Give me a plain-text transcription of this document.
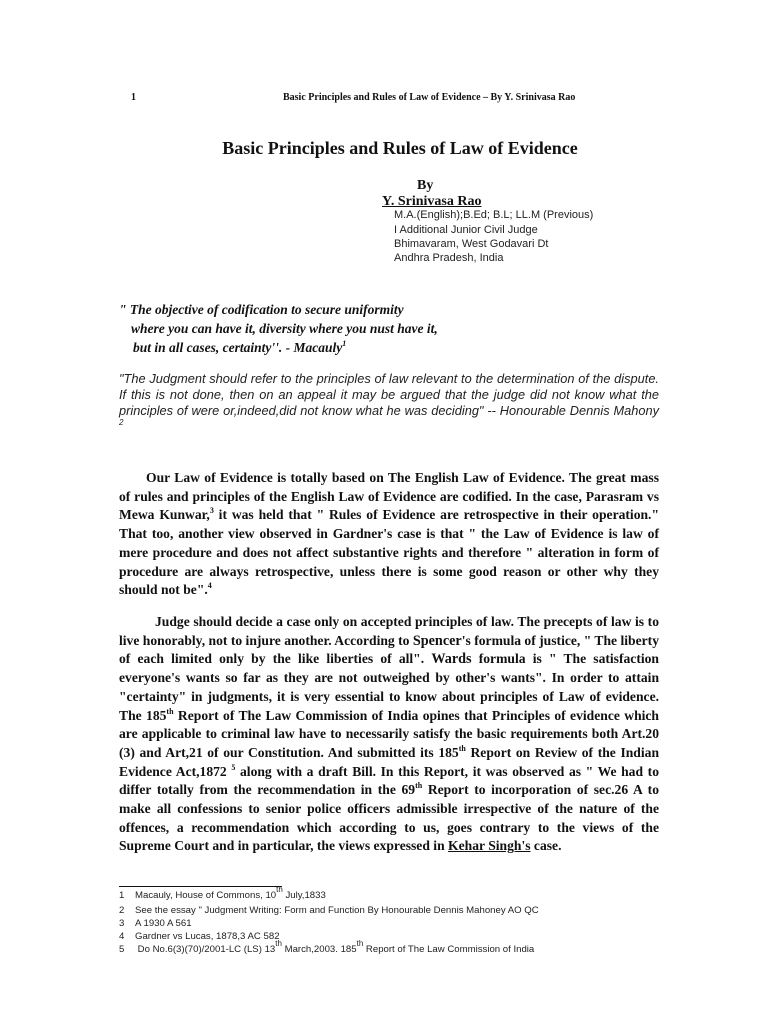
1	Basic Principles and Rules of Law of Evidence – By Y. Srinivasa Rao
Basic Principles and Rules of Law of Evidence
By
Y. Srinivasa Rao
M.A.(English);B.Ed; B.L; LL.M (Previous)
I Additional Junior Civil Judge
Bhimavaram, West Godavari Dt
Andhra Pradesh, India
" The objective of codification to secure uniformity
where you can have it, diversity where you nust have it,
but in all cases, certainty''. - Macauly$^1$
"The Judgment should refer to the principles of law relevant to the determination of the dispute. If this is not done, then on an appeal it may be argued that the judge did not know what the principles of were or,indeed,did not know what he was deciding" -- Honourable Dennis Mahony $^2$

Our Law of Evidence is totally based on The English Law of Evidence. The great mass of rules and principles of the English Law of Evidence are codified. In the case, Parasram vs Mewa Kunwar,$^3$ it was held that " Rules of Evidence are retrospective in their operation." That too, another view observed in Gardner's case is that " the Law of Evidence is law of mere procedure and does not affect substantive rights and therefore " alteration in form of procedure are always retrospective, unless there is some good reason or other why they should not be".$^4$

Judge should decide a case only on accepted principles of law. The precepts of law is to live honorably, not to injure another. According to Spencer's formula of justice, " The liberty of each limited only by the like liberties of all". Wards formula is " The satisfaction everyone's wants so far as they are not outweighed by other's wants". In order to attain "certainty" in judgments, it is very essential to know about principles of Law of evidence. The 185th Report of The Law Commission of India opines that Principles of evidence which are applicable to criminal law have to necessarily satisfy the basic requirements both Art.20 (3) and Art,21 of our Constitution. And submitted its 185th Report on Review of the Indian Evidence Act,1872 $^5$ along with a draft Bill. In this Report, it was observed as " We had to differ totally from the recommendation in the 69th Report to incorporation of sec.26 A to make all confessions to senior police officers admissible irrespective of the nature of the offences, a recommendation which according to us, goes contrary to the views of the Supreme Court and in particular, the views expressed in Kehar Singh's case.

1 Macauly, House of Commons, 10th July,1833
2 See the essay " Judgment Writing: Form and Function By Honourable Dennis Mahoney AO QC
3 A 1930 A 561
4 Gardner vs Lucas, 1878,3 AC 582
5 Do No.6(3)(70)/2001-LC (LS) 13th March,2003. 185th Report of The Law Commission of India
